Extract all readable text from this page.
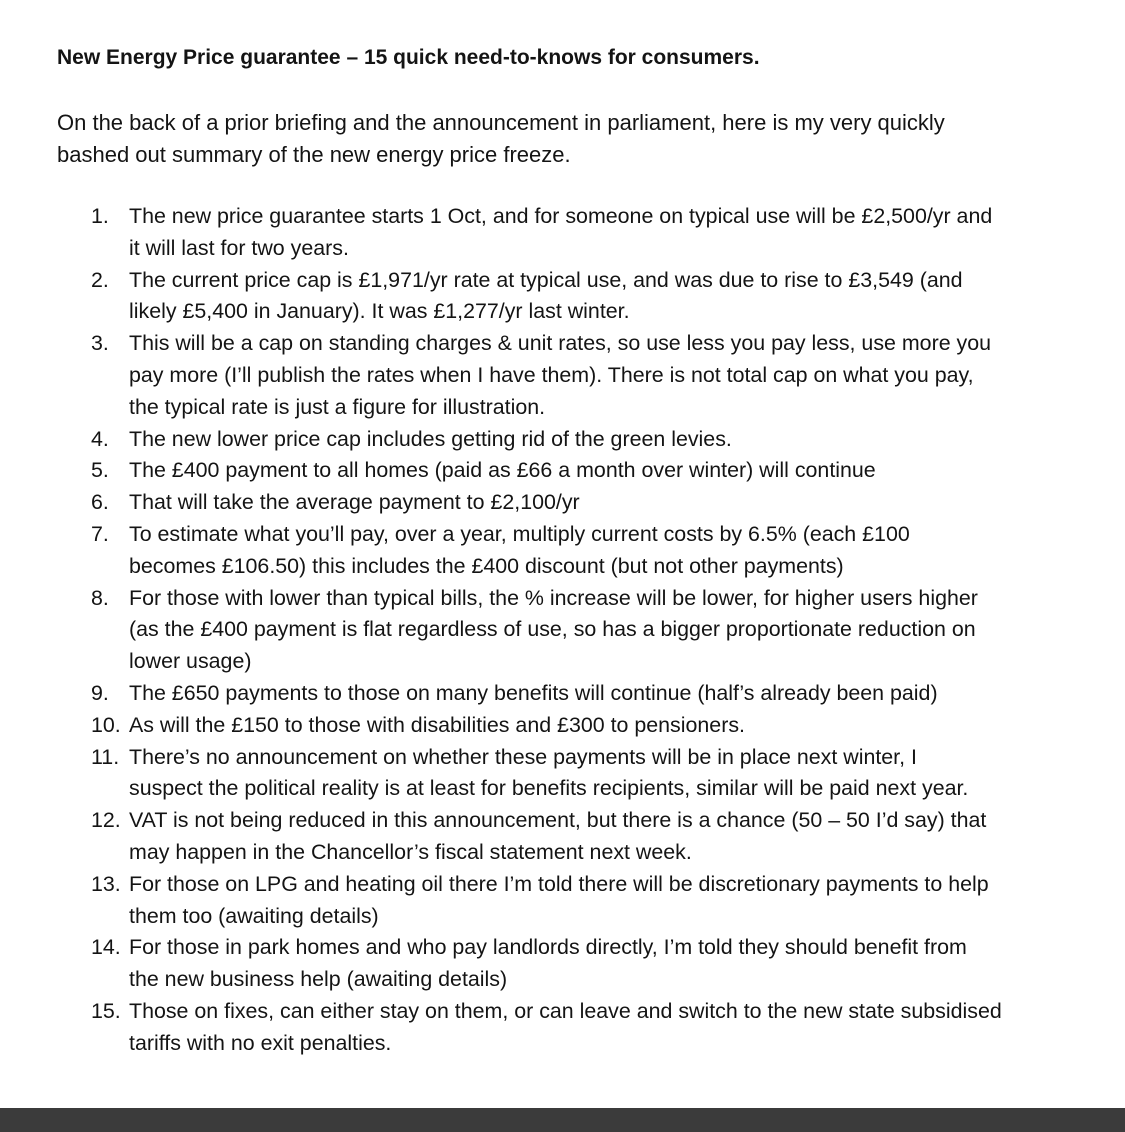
New Energy Price guarantee – 15 quick need-to-knows for consumers.

On the back of a prior briefing and the announcement in parliament, here is my very quickly

bashed out summary of the new energy price freeze.

1. The new price guarantee starts 1 Oct, and for someone on typical use will be £2,500/yr and
it will last for two years.
2. The current price cap is £1,971/yr rate at typical use, and was due to rise to £3,549 (and
likely £5,400 in January). It was £1,277/yr last winter.
3. This will be a cap on standing charges & unit rates, so use less you pay less, use more you
pay more (I’ll publish the rates when I have them). There is not total cap on what you pay,
the typical rate is just a figure for illustration.
4. The new lower price cap includes getting rid of the green levies.
5. The £400 payment to all homes (paid as £66 a month over winter) will continue
6. That will take the average payment to £2,100/yr
7. To estimate what you’ll pay, over a year, multiply current costs by 6.5% (each £100
becomes £106.50) this includes the £400 discount (but not other payments)
8. For those with lower than typical bills, the % increase will be lower, for higher users higher
(as the £400 payment is flat regardless of use, so has a bigger proportionate reduction on
lower usage)
9. The £650 payments to those on many benefits will continue (half’s already been paid)
10. As will the £150 to those with disabilities and £300 to pensioners.
11. There’s no announcement on whether these payments will be in place next winter, I
suspect the political reality is at least for benefits recipients, similar will be paid next year.
12. VAT is not being reduced in this announcement, but there is a chance (50 – 50 I’d say) that
may happen in the Chancellor’s fiscal statement next week.
13. For those on LPG and heating oil there I’m told there will be discretionary payments to help
them too (awaiting details)
14. For those in park homes and who pay landlords directly, I’m told they should benefit from
the new business help (awaiting details)
15. Those on fixes, can either stay on them, or can leave and switch to the new state subsidised
tariffs with no exit penalties.
